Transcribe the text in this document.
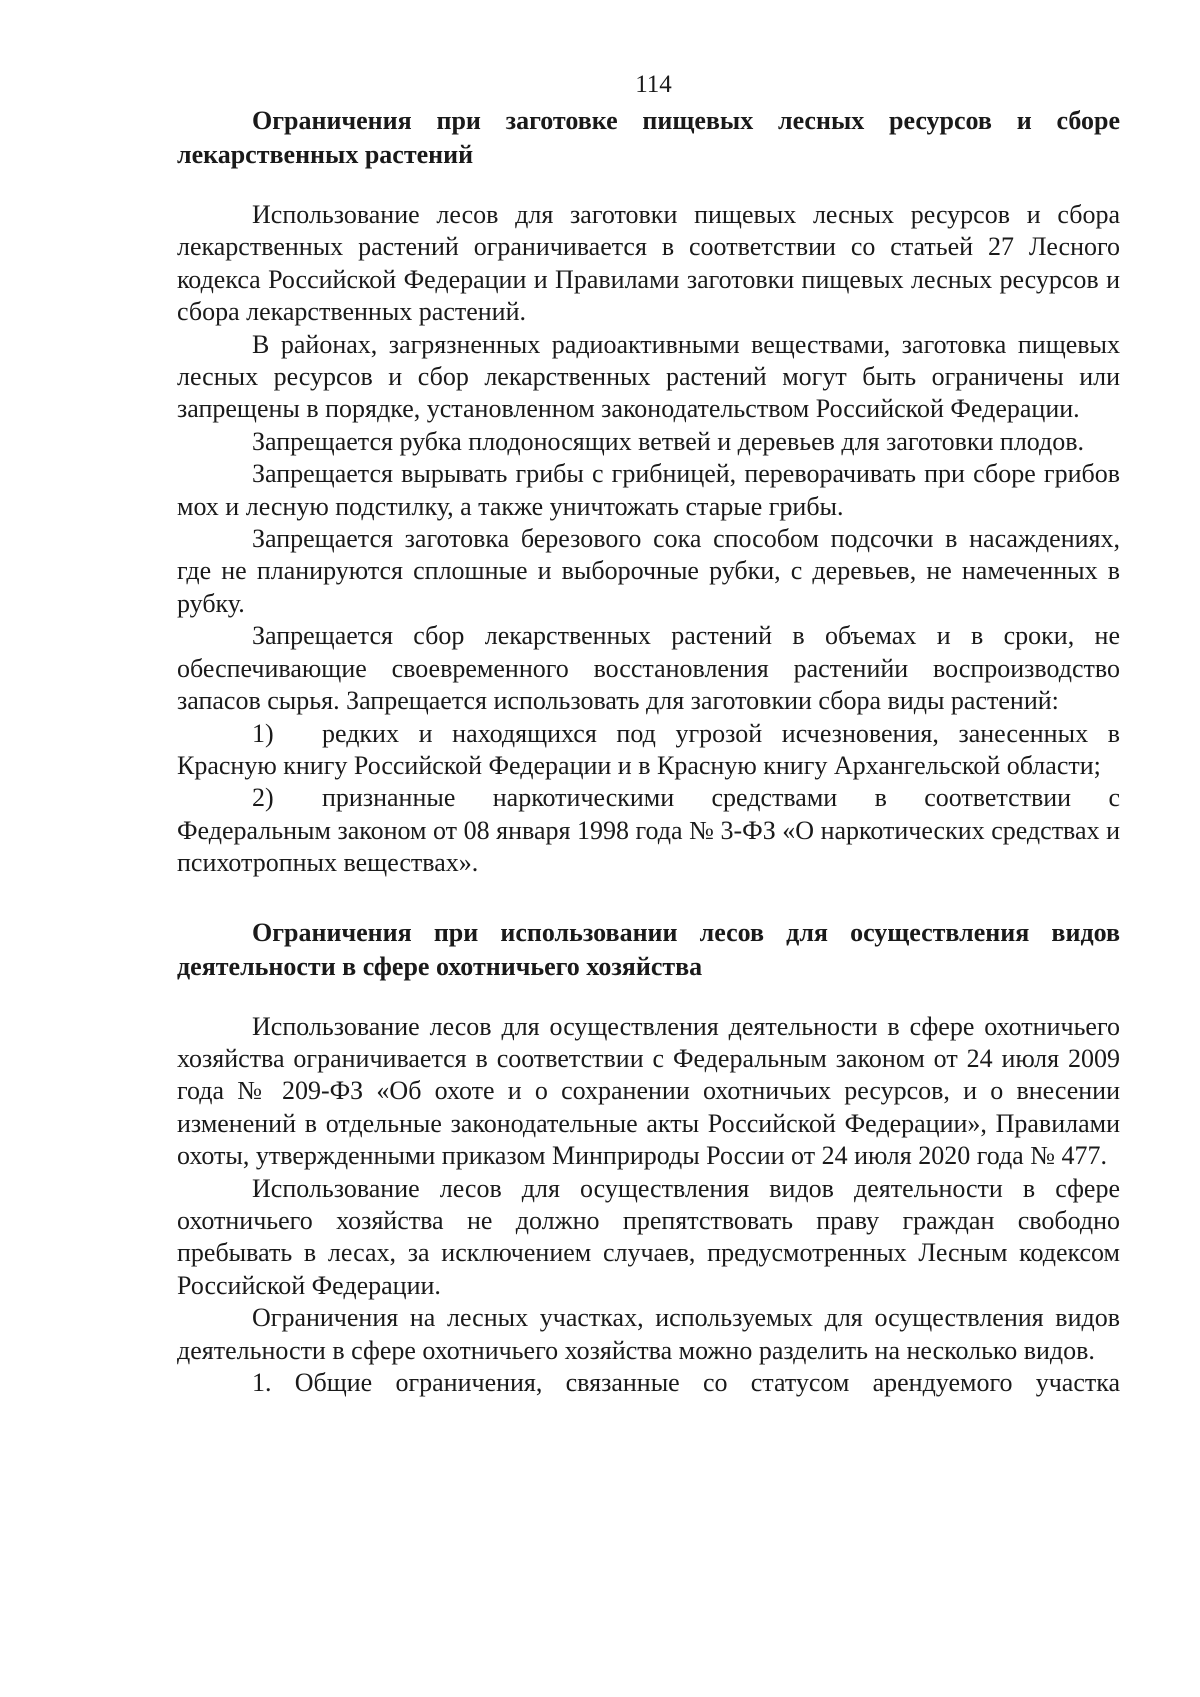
114

Ограничения при заготовке пищевых лесных ресурсов и сборе лекарственных растений

Использование лесов для заготовки пищевых лесных ресурсов и сбора лекарственных растений ограничивается в соответствии со статьей 27 Лесного кодекса Российской Федерации и Правилами заготовки пищевых лесных ресурсов и сбора лекарственных растений.

В районах, загрязненных радиоактивными веществами, заготовка пищевых лесных ресурсов и сбор лекарственных растений могут быть ограничены или запрещены в порядке, установленном законодательством Российской Федерации.

Запрещается рубка плодоносящих ветвей и деревьев для заготовки плодов.

Запрещается вырывать грибы с грибницей, переворачивать при сборе грибов мох и лесную подстилку, а также уничтожать старые грибы.

Запрещается заготовка березового сока способом подсочки в насаждениях, где не планируются сплошные и выборочные рубки, с деревьев, не намеченных в рубку.

Запрещается сбор лекарственных растений в объемах и в сроки, не обеспечивающие своевременного восстановления растенийи воспроизводство запасов сырья. Запрещается использовать для заготовкии сбора виды растений:

1) редких и находящихся под угрозой исчезновения, занесенных в Красную книгу Российской Федерации и в Красную книгу Архангельской области;

2) признанные наркотическими средствами в соответствии с Федеральным законом от 08 января 1998 года № 3-ФЗ «О наркотических средствах и психотропных веществах».

Ограничения при использовании лесов для осуществления видов деятельности в сфере охотничьего хозяйства

Использование лесов для осуществления деятельности в сфере охотничьего хозяйства ограничивается в соответствии с Федеральным законом от 24 июля 2009 года № 209-ФЗ «Об охоте и о сохранении охотничьих ресурсов, и о внесении изменений в отдельные законодательные акты Российской Федерации», Правилами охоты, утвержденными приказом Минприроды России от 24 июля 2020 года № 477.

Использование лесов для осуществления видов деятельности в сфере охотничьего хозяйства не должно препятствовать праву граждан свободно пребывать в лесах, за исключением случаев, предусмотренных Лесным кодексом Российской Федерации.

Ограничения на лесных участках, используемых для осуществления видов деятельности в сфере охотничьего хозяйства можно разделить на несколько видов.

1. Общие ограничения, связанные со статусом арендуемого участка
